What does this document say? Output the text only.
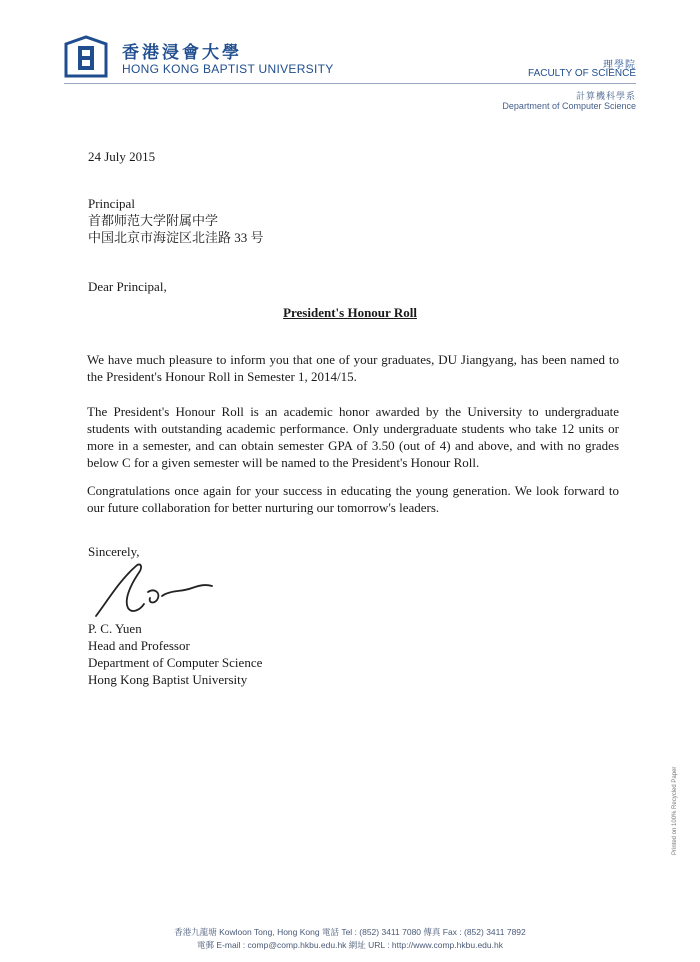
香港浸會大學
HONG KONG BAPTIST UNIVERSITY	理學院
FACULTY OF SCIENCE
計算機科學系
Department of Computer Science
24 July 2015
Principal
首都师范大学附属中学
中国北京市海淀区北洼路 33 号
Dear Principal,
President's Honour Roll
We have much pleasure to inform you that one of your graduates, DU Jiangyang, has been named to the President's Honour Roll in Semester 1, 2014/15.
The President's Honour Roll is an academic honor awarded by the University to undergraduate students with outstanding academic performance. Only undergraduate students who take 12 units or more in a semester, and can obtain semester GPA of 3.50 (out of 4) and above, and with no grades below C for a given semester will be named to the President's Honour Roll.
Congratulations once again for your success in educating the young generation. We look forward to our future collaboration for better nurturing our tomorrow's leaders.
Sincerely,
P. C. Yuen
Head and Professor
Department of Computer Science
Hong Kong Baptist University
香港九龍塘 Kowloon Tong, Hong Kong 電話 Tel : (852) 3411 7080 傳真 Fax : (852) 3411 7892
電郵 E-mail : comp@comp.hkbu.edu.hk 網址 URL : http://www.comp.hkbu.edu.hk
Printed on 100% Recycled Paper
